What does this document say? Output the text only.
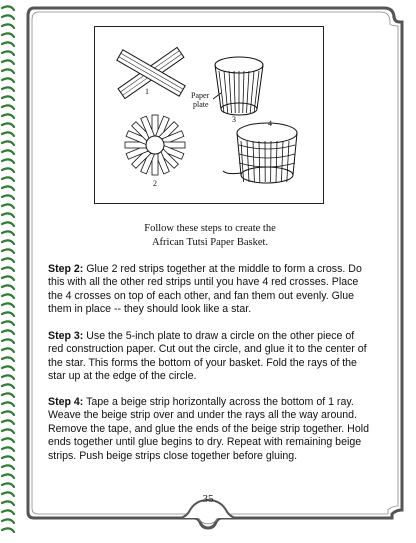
1
2
3	4
Paper
plate
Follow these steps to create the
African Tutsi Paper Basket.
Step 2: Glue 2 red strips together at the middle to form a cross. Do this with all the other red strips until you have 4 red crosses. Place the 4 crosses on top of each other, and fan them out evenly. Glue them in place -- they should look like a star.
Step 3: Use the 5-inch plate to draw a circle on the other piece of red construction paper. Cut out the circle, and glue it to the center of the star. This forms the bottom of your basket. Fold the rays of the star up at the edge of the circle.
Step 4: Tape a beige strip horizontally across the bottom of 1 ray. Weave the beige strip over and under the rays all the way around. Remove the tape, and glue the ends of the beige strip together. Hold ends together until glue begins to dry. Repeat with remaining beige strips. Push beige strips close together before gluing.
35
